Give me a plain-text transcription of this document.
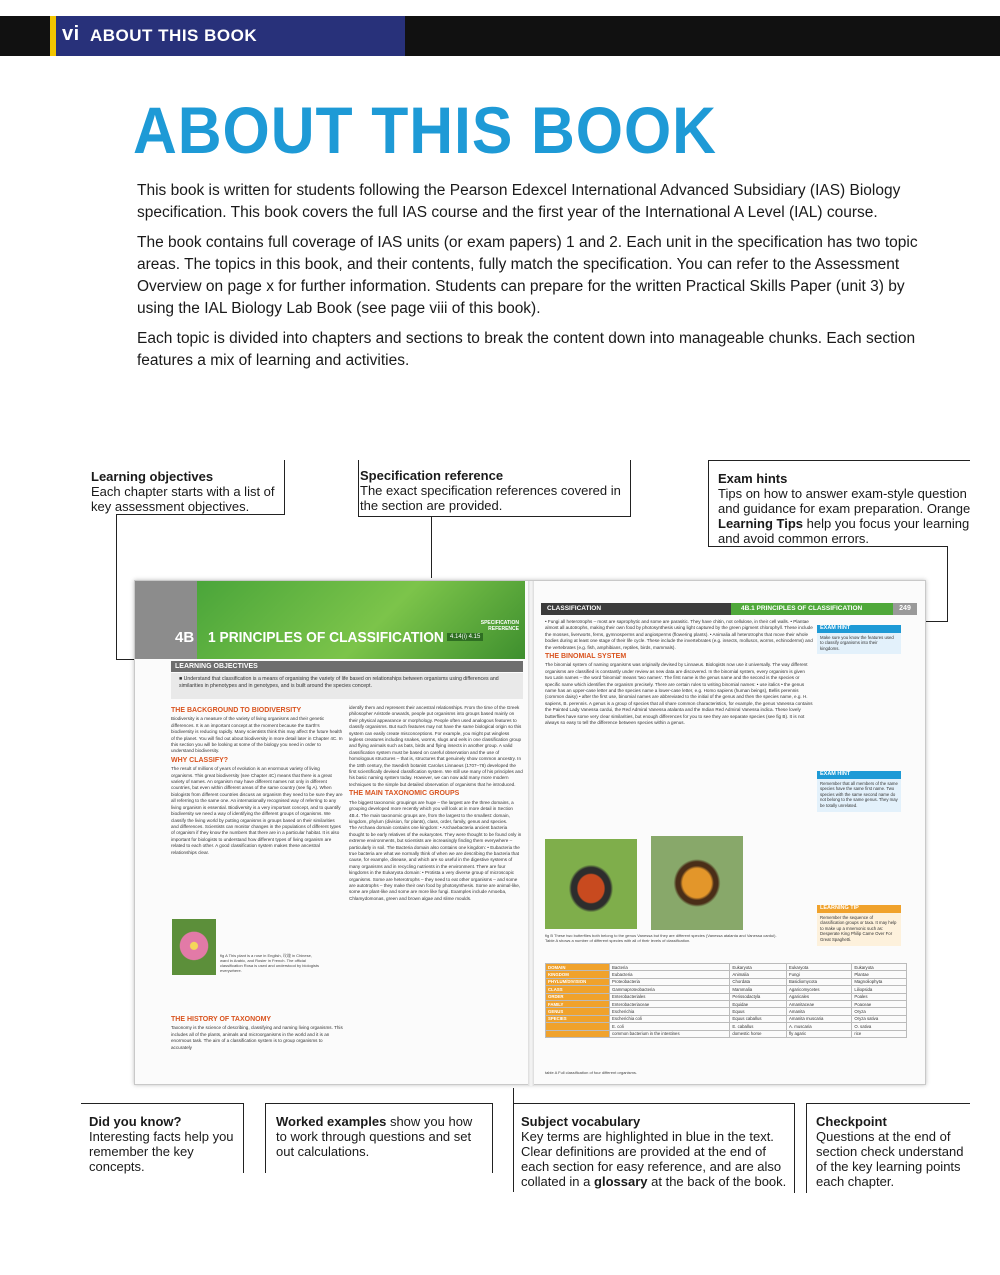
vi ABOUT THIS BOOK
ABOUT THIS BOOK

This book is written for students following the Pearson Edexcel International Advanced Subsidiary (IAS) Biology specification. This book covers the full IAS course and the first year of the International A Level (IAL) course.

The book contains full coverage of IAS units (or exam papers) 1 and 2. Each unit in the specification has two topic areas. The topics in this book, and their contents, fully match the specification. You can refer to the Assessment Overview on page x for further information. Students can prepare for the written Practical Skills Paper (unit 3) by using the IAL Biology Lab Book (see page viii of this book).

Each topic is divided into chapters and sections to break the content down into manageable chunks. Each section features a mix of learning and activities.

Learning objectives
Each chapter starts with a list of key assessment objectives.
Specification reference
The exact specification references covered in the section are provided.
Exam hints
Tips on how to answer exam-style question and guidance for exam preparation. Orange Learning Tips help you focus your learning and avoid common errors.
4B 1 PRINCIPLES OF CLASSIFICATION
SPECIFICATION REFERENCE
4.14(i) 4.15
LEARNING OBJECTIVES
■ Understand that classification is a means of organising the variety of life based on relationships between organisms using differences and similarities in phenotypes and in genotypes, and is built around the species concept.
THE BACKGROUND TO BIODIVERSITY

Biodiversity is a measure of the variety of living organisms and their genetic differences. It is an important concept at the moment because the Earth's biodiversity is reducing rapidly. Many scientists think this may affect the future health of the planet. You will find out about biodiversity in more detail later in Chapter 4C. In this section you will be looking at some of the biology you need in order to understand biodiversity.

WHY CLASSIFY?

The result of millions of years of evolution is an enormous variety of living organisms. This great biodiversity (see Chapter 4C) means that there is a great variety of names. An organism may have different names not only in different countries, but even within different areas of the same country (see fig A). When biologists from different countries discuss an organism they need to be sure they are all referring to the same one. An internationally recognised way of referring to any living organism is essential. Biodiversity is a very important concept, and to quantify biodiversity we need a way of identifying the different groups of organisms. We classify the living world by putting organisms in groups based on their similarities and differences. Scientists can monitor changes in the populations of different types of organism if they know the numbers that there are in a particular habitat. It is also important for biologists to understand how different types of living organism are related to each other. A good classification system makes these ancestral relationships clear.

fig A This plant is a rose in English, 玫瑰 in Chinese, ward in Arabic, and Rosier in French. The official classification Rosa is used and understood by biologists everywhere.
THE HISTORY OF TAXONOMY

Taxonomy is the science of describing, classifying and naming living organisms. This includes all of the plants, animals and microorganisms in the world and it is an enormous task. The aim of a classification system is to group organisms to accurately

identify them and represent their ancestral relationships. From the time of the Greek philosopher Aristotle onwards, people put organisms into groups based mainly on their physical appearance or morphology. People often used analogous features to classify organisms. But such features may not have the same biological origin so this system can easily create misconceptions. For example, you might put wingless legless creatures including snakes, worms, slugs and eels in one classification group and flying animals such as bats, birds and flying insects in another group. A valid classification system must be based on careful observation and the use of homologous structures – that is, structures that genuinely show common ancestry. In the 18th century, the Swedish botanist Carolus Linnaeus (1707–78) developed the first scientifically devised classification system. We still use many of his principles and his basic naming system today. However, we can now add many more modern techniques to the simple but detailed observation of organisms that he introduced.

THE MAIN TAXONOMIC GROUPS

The biggest taxonomic groupings are huge – the largest are the three domains, a grouping developed more recently which you will look at in more detail in Section 4B.4. The main taxonomic groups are, from the largest to the smallest: domain, kingdom, phylum (division, for plants), class, order, family, genus and species.

The Archaea domain contains one kingdom: • Archaebacteria ancient bacteria thought to be early relatives of the eukaryotes. They were thought to be found only in extreme environments, but scientists are increasingly finding them everywhere – particularly in soil. The Bacteria domain also contains one kingdom: • Eubacteria the true bacteria are what we normally think of when we are describing the bacteria that cause, for example, disease, and which are so useful in the digestive systems of many organisms and in recycling nutrients in the environment. There are four kingdoms in the Eukaryota domain: • Protista a very diverse group of microscopic organisms. Some are heterotrophs – they need to eat other organisms – and some are autotrophs – they make their own food by photosynthesis. Some are animal-like, some are plant-like and some are more like fungi. Examples include Amoeba, Chlamydomonas, green and brown algae and slime moulds.

CLASSIFICATION	4B.1 PRINCIPLES OF CLASSIFICATION	249

• Fungi all heterotrophs – most are saprophytic and some are parasitic. They have chitin, not cellulose, in their cell walls. • Plantae almost all autotrophs, making their own food by photosynthesis using light captured by the green pigment chlorophyll. These include the mosses, liverworts, ferns, gymnosperms and angiosperms (flowering plants). • Animalia all heterotrophs that move their whole bodies during at least one stage of their life cycle. These include the invertebrates (e.g. insects, molluscs, worms, echinoderms) and the vertebrates (e.g. fish, amphibians, reptiles, birds, mammals).

THE BINOMIAL SYSTEM

The binomial system of naming organisms was originally devised by Linnaeus. Biologists now use it universally. The way different organisms are classified is constantly under review as new data are discovered. In the binomial system, every organism is given two Latin names – the word 'binomial' means 'two names'. The first name is the genus name and the second is the species or specific name which identifies the organism precisely. There are certain rules to writing binomial names: • use italics • the genus name has an upper-case letter and the species name a lower-case letter, e.g. Homo sapiens (human beings), Bellis perennis (common daisy) • after the first use, binomial names are abbreviated to the initial of the genus and then the species name, e.g. H. sapiens, B. perennis. A genus is a group of species that all share common characteristics, for example, the genus Vanessa contains the Painted Lady Vanessa cardui, the Red Admiral Vanessa atalanta and the Indian Red Admiral Vanessa indica. These lovely butterflies have some very clear similarities, but enough differences for you to see they are separate species (see fig B). It is not always so easy to tell the difference between species within a genus.

EXAM HINT
Make sure you know the features used to classify organisms into their kingdoms.
EXAM HINT
Remember that all members of the same species have the same first name. Two species with the same second name do not belong to the same genus. They may be totally unrelated.
LEARNING TIP
Remember the sequence of classification groups or taxa. It may help to make up a mnemonic such as: Desperate King Philip Came Over For Great Spaghetti.
fig B These two butterflies both belong to the genus Vanessa but they are different species (Vanessa atalanta and Vanessa cardui).
Table A shows a number of different species with all of their levels of classification.
DOMAIN	Bacteria	Eukaryota	Eukaryota	Eukaryota
KINGDOM	Eubacteria	Animalia	Fungi	Plantae
PHYLUM/DIVISION	Proteobacteria	Chordata	Basidiomycota	Magnoliophyta
CLASS	Gammaproteobacteria	Mammalia	Agaricomycetes	Liliopsida
ORDER	Enterobacteriales	Perissodactyla	Agaricales	Poales
FAMILY	Enterobacteriaceae	Equidae	Amanitaceae	Poaceae
GENUS	Escherichia	Equus	Amanita	Oryza
SPECIES	Escherichia coli	Equus caballus	Amanita muscaria	Oryza sativa
	E. coli	E. caballus	A. muscaria	O. sativa
	common bacterium in the intestines	domestic horse	fly agaric	rice
table A Full classification of four different organisms.
Did you know?
Interesting facts help you remember the key concepts.
Worked examples show you how to work through questions and set out calculations.
Subject vocabulary
Key terms are highlighted in blue in the text. Clear definitions are provided at the end of each section for easy reference, and are also collated in a glossary at the back of the book.
Checkpoint
Questions at the end of section check understand of the key learning points each chapter.
